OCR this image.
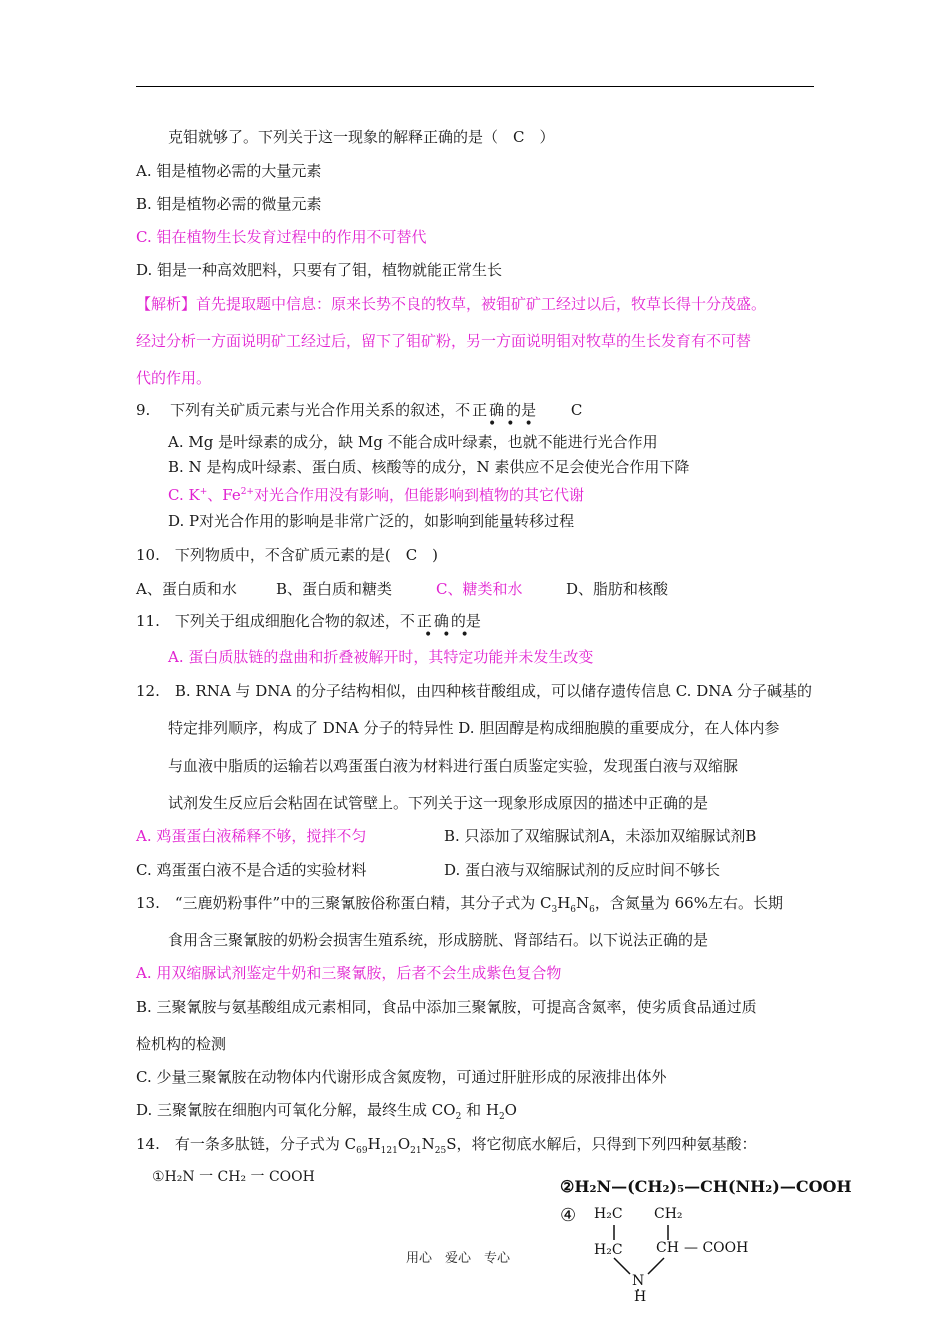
克钼就够了。下列关于这一现象的解释正确的是（　C　）
A. 钼是植物必需的大量元素
B. 钼是植物必需的微量元素
C. 钼在植物生长发育过程中的作用不可替代
D. 钼是一种高效肥料，只要有了钼，植物就能正常生长
【解析】首先提取题中信息：原来长势不良的牧草，被钼矿矿工经过以后，牧草长得十分茂盛。
经过分析一方面说明矿工经过后，留下了钼矿粉，另一方面说明钼对牧草的生长发育有不可替
代的作用。
9.　 下列有关矿质元素与光合作用关系的叙述，不正确的是　　 C
•••
A. Mg 是叶绿素的成分，缺 Mg 不能合成叶绿素，也就不能进行光合作用
B. N 是构成叶绿素、蛋白质、核酸等的成分，N 素供应不足会使光合作用下降
C. K+、$Fe^{2+}$对光合作用没有影响，但能影响到植物的其它代谢
D. P对光合作用的影响是非常广泛的，如影响到能量转移过程
10.　下列物质中，不含矿质元素的是(　C　)
A、蛋白质和水	B、蛋白质和糖类	C、糖类和水	D、脂肪和核酸
11.　下列关于组成细胞化合物的叙述，不正确的是
•••
A. 蛋白质肽链的盘曲和折叠被解开时，其特定功能并未发生改变
12.　B. RNA 与 DNA 的分子结构相似，由四种核苷酸组成，可以储存遗传信息 C. DNA 分子碱基的
特定排列顺序，构成了 DNA 分子的特异性 D. 胆固醇是构成细胞膜的重要成分，在人体内参
与血液中脂质的运输若以鸡蛋蛋白液为材料进行蛋白质鉴定实验，发现蛋白液与双缩脲
试剂发生反应后会粘固在试管壁上。下列关于这一现象形成原因的描述中正确的是
A. 鸡蛋蛋白液稀释不够，搅拌不匀	B. 只添加了双缩脲试剂A，未添加双缩脲试剂B
C. 鸡蛋蛋白液不是合适的实验材料	D. 蛋白液与双缩脲试剂的反应时间不够长
13.　“三鹿奶粉事件”中的三聚氰胺俗称蛋白精，其分子式为 $C_3H_6N_6$，含氮量为 66%左右。长期
食用含三聚氰胺的奶粉会损害生殖系统，形成膀胱、肾部结石。以下说法正确的是
A. 用双缩脲试剂鉴定牛奶和三聚氰胺，后者不会生成紫色复合物
B. 三聚氰胺与氨基酸组成元素相同，食品中添加三聚氰胺，可提高含氮率，使劣质食品通过质
检机构的检测
C. 少量三聚氰胺在动物体内代谢形成含氮废物，可通过肝脏形成的尿液排出体外
D. 三聚氰胺在细胞内可氧化分解，最终生成 $CO_2$ 和 $H_2O$
14.　有一条多肽链，分子式为 $C_{69}H_{121}O_{21}N_{25}S$，将它彻底水解后，只得到下列四种氨基酸：
①H₂N 一 CH₂ 一 COOH	②H₂N—(CH₂)₅—CH(NH₂)—COOH
④ H₂C CH₂
H₂C CH — COOH
N
H
用心　爱心　专心
